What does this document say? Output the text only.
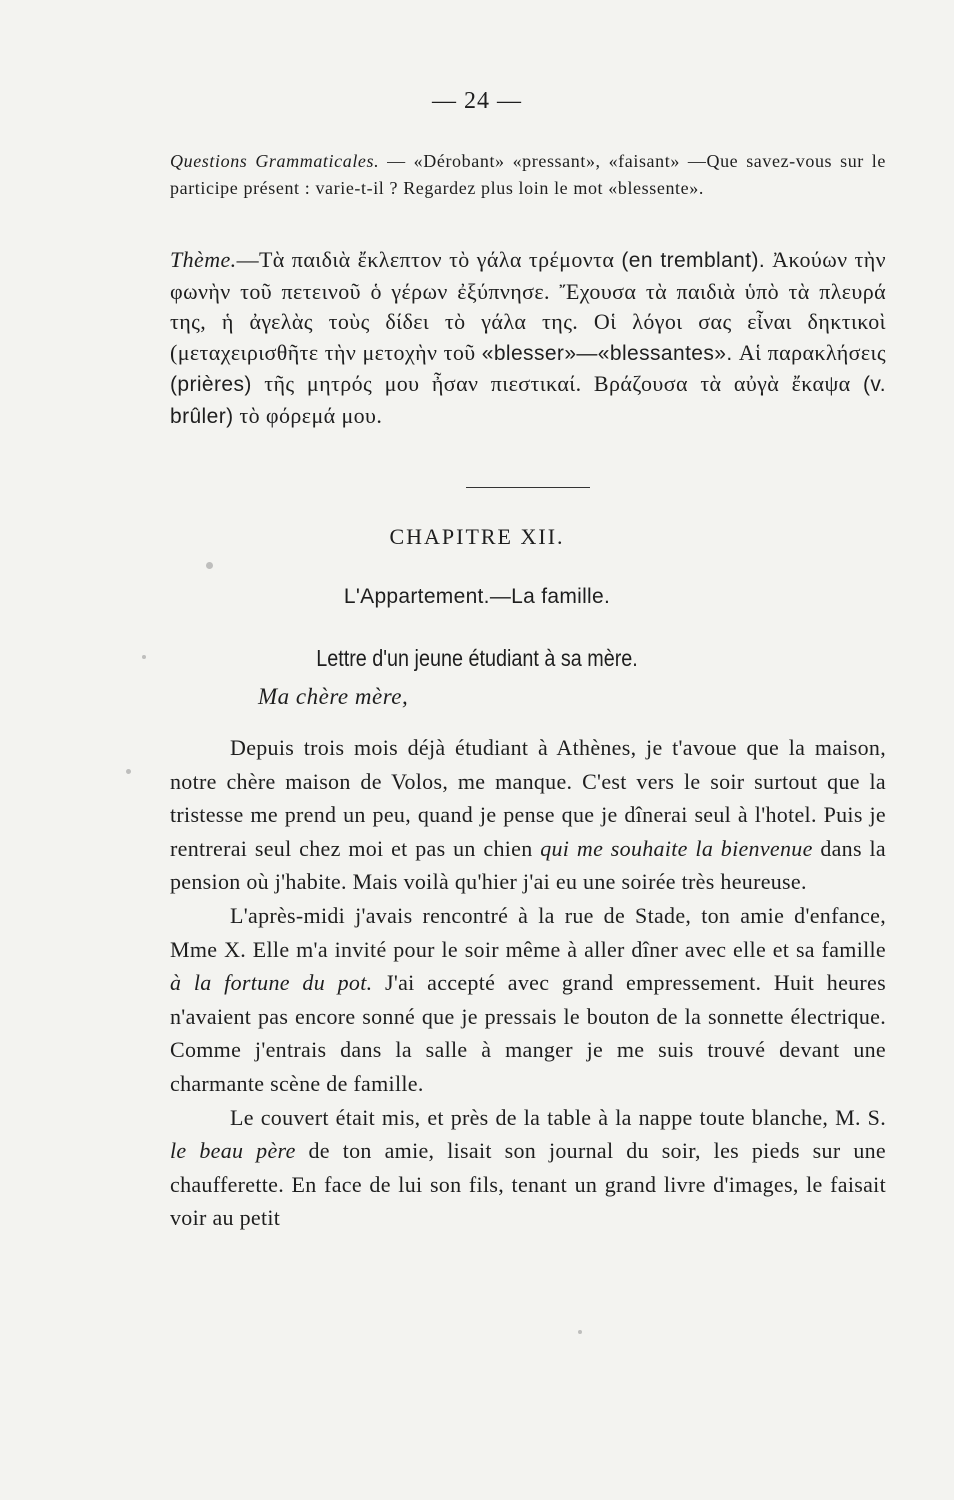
— 24 —
Questions Grammaticales. — «Dérobant» «pressant», «faisant» —Que savez-vous sur le participe présent : varie-t-il ? Regardez plus loin le mot «blessente».
Thème.—Τὰ παιδιὰ ἔκλεπτον τὸ γάλα τρέμοντα (en tremblant). Ἀκούων τὴν φωνὴν τοῦ πετεινοῦ ὁ γέρων ἐξύπνησε. Ἔχουσα τὰ παιδιὰ ὑπὸ τὰ πλευρά της, ἡ ἀγελὰς τοὺς δίδει τὸ γάλα της. Οἱ λόγοι σας εἶναι δηκτικοὶ (μεταχειρισθῆτε τὴν μετοχὴν τοῦ «blesser»—«blessantes». Αἱ παρακλήσεις (prières) τῆς μητρός μου ἦσαν πιεστικαί. Βράζουσα τὰ αὐγὰ ἔκαψα (v. brûler) τὸ φόρεμά μου.
CHAPITRE XII.
L'Appartement.—La famille.
Lettre d'un jeune étudiant à sa mère.
Ma chère mère,

Depuis trois mois déjà étudiant à Athènes, je t'avoue que la maison, notre chère maison de Volos, me manque. C'est vers le soir surtout que la tristesse me prend un peu, quand je pense que je dînerai seul à l'hotel. Puis je rentrerai seul chez moi et pas un chien qui me souhaite la bienvenue dans la pension où j'habite. Mais voilà qu'hier j'ai eu une soirée très heureuse.

L'après-midi j'avais rencontré à la rue de Stade, ton amie d'enfance, Mme X. Elle m'a invité pour le soir même à aller dîner avec elle et sa famille à la fortune du pot. J'ai accepté avec grand empressement. Huit heures n'avaient pas encore sonné que je pressais le bouton de la sonnette électrique. Comme j'entrais dans la salle à manger je me suis trouvé devant une charmante scène de famille.

Le couvert était mis, et près de la table à la nappe toute blanche, M. S. le beau père de ton amie, lisait son journal du soir, les pieds sur une chaufferette. En face de lui son fils, tenant un grand livre d'images, le faisait voir au petit
